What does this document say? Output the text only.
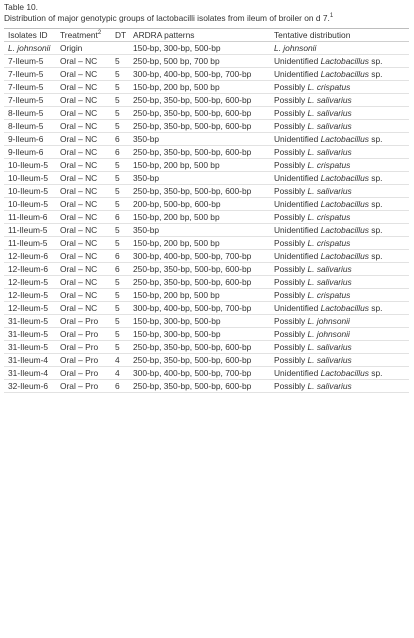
Table 10.
Distribution of major genotypic groups of lactobacilli isolates from ileum of broiler on d 7.$^1$
Isolates ID	Treatment$^2$	DT	ARDRA patterns	Tentative distribution
L. johnsonii	Origin		150-bp, 300-bp, 500-bp	L. johnsonii
7-Ileum-5	Oral – NC	5	250-bp, 500 bp, 700 bp	Unidentified Lactobacillus sp.
7-Ileum-5	Oral – NC	5	300-bp, 400-bp, 500-bp, 700-bp	Unidentified Lactobacillus sp.
7-Ileum-5	Oral – NC	5	150-bp, 200 bp, 500 bp	Possibly L. crispatus
7-Ileum-5	Oral – NC	5	250-bp, 350-bp, 500-bp, 600-bp	Possibly L. salivarius
8-Ileum-5	Oral – NC	5	250-bp, 350-bp, 500-bp, 600-bp	Possibly L. salivarius
8-Ileum-5	Oral – NC	5	250-bp, 350-bp, 500-bp, 600-bp	Possibly L. salivarius
9-Ileum-6	Oral – NC	6	350-bp	Unidentified Lactobacillus sp.
9-Ileum-6	Oral – NC	6	250-bp, 350-bp, 500-bp, 600-bp	Possibly L. salivarius
10-Ileum-5	Oral – NC	5	150-bp, 200 bp, 500 bp	Possibly L. crispatus
10-Ileum-5	Oral – NC	5	350-bp	Unidentified Lactobacillus sp.
10-Ileum-5	Oral – NC	5	250-bp, 350-bp, 500-bp, 600-bp	Possibly L. salivarius
10-Ileum-5	Oral – NC	5	200-bp, 500-bp, 600-bp	Unidentified Lactobacillus sp.
11-Ileum-6	Oral – NC	6	150-bp, 200 bp, 500 bp	Possibly L. crispatus
11-Ileum-5	Oral – NC	5	350-bp	Unidentified Lactobacillus sp.
11-Ileum-5	Oral – NC	5	150-bp, 200 bp, 500 bp	Possibly L. crispatus
12-Ileum-6	Oral – NC	6	300-bp, 400-bp, 500-bp, 700-bp	Unidentified Lactobacillus sp.
12-Ileum-6	Oral – NC	6	250-bp, 350-bp, 500-bp, 600-bp	Possibly L. salivarius
12-Ileum-5	Oral – NC	5	250-bp, 350-bp, 500-bp, 600-bp	Possibly L. salivarius
12-Ileum-5	Oral – NC	5	150-bp, 200 bp, 500 bp	Possibly L. crispatus
12-Ileum-5	Oral – NC	5	300-bp, 400-bp, 500-bp, 700-bp	Unidentified Lactobacillus sp.
31-Ileum-5	Oral – Pro	5	150-bp, 300-bp, 500-bp	Possibly L. johnsonii
31-Ileum-5	Oral – Pro	5	150-bp, 300-bp, 500-bp	Possibly L. johnsonii
31-Ileum-5	Oral – Pro	5	250-bp, 350-bp, 500-bp, 600-bp	Possibly L. salivarius
31-Ileum-4	Oral – Pro	4	250-bp, 350-bp, 500-bp, 600-bp	Possibly L. salivarius
31-Ileum-4	Oral – Pro	4	300-bp, 400-bp, 500-bp, 700-bp	Unidentified Lactobacillus sp.
32-Ileum-6	Oral – Pro	6	250-bp, 350-bp, 500-bp, 600-bp	Possibly L. salivarius
